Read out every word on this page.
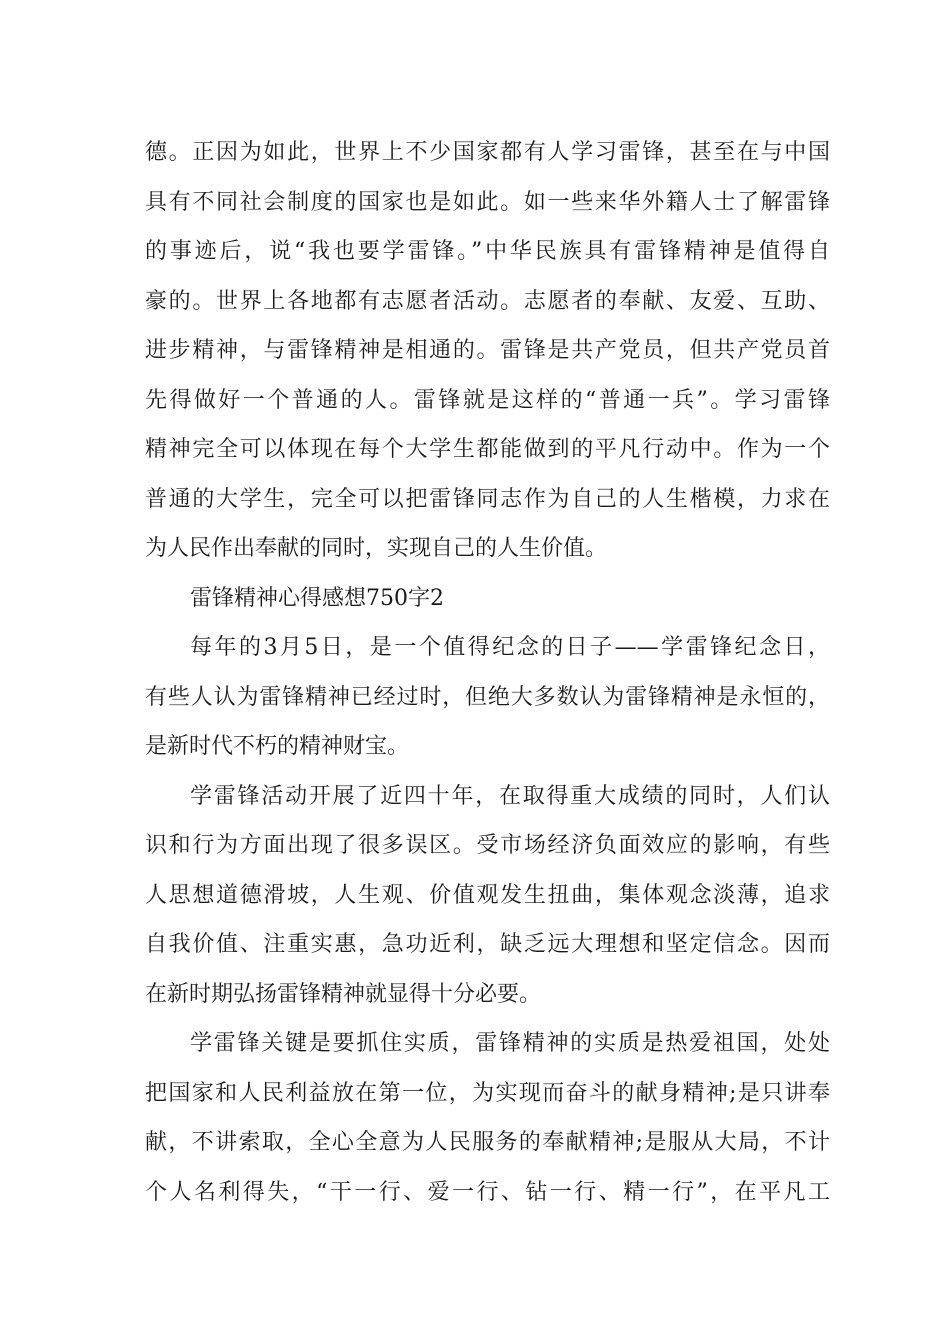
德。正因为如此，世界上不少国家都有人学习雷锋，甚至在与中国
具有不同社会制度的国家也是如此。如一些来华外籍人士了解雷锋
的事迹后，说“我也要学雷锋。”中华民族具有雷锋精神是值得自
豪的。世界上各地都有志愿者活动。志愿者的奉献、友爱、互助、
进步精神，与雷锋精神是相通的。雷锋是共产党员，但共产党员首
先得做好一个普通的人。雷锋就是这样的“普通一兵”。学习雷锋
精神完全可以体现在每个大学生都能做到的平凡行动中。作为一个
普通的大学生，完全可以把雷锋同志作为自己的人生楷模，力求在
为人民作出奉献的同时，实现自己的人生价值。
雷锋精神心得感想750字2
每年的3月5日，是一个值得纪念的日子——学雷锋纪念日，
有些人认为雷锋精神已经过时，但绝大多数认为雷锋精神是永恒的，
是新时代不朽的精神财宝。
学雷锋活动开展了近四十年，在取得重大成绩的同时，人们认
识和行为方面出现了很多误区。受市场经济负面效应的影响，有些
人思想道德滑坡，人生观、价值观发生扭曲，集体观念淡薄，追求
自我价值、注重实惠，急功近利，缺乏远大理想和坚定信念。因而
在新时期弘扬雷锋精神就显得十分必要。
学雷锋关键是要抓住实质，雷锋精神的实质是热爱祖国，处处
把国家和人民利益放在第一位，为实现而奋斗的献身精神;是只讲奉
献，不讲索取，全心全意为人民服务的奉献精神;是服从大局，不计
个人名利得失，“干一行、爱一行、钻一行、精一行”，在平凡工
